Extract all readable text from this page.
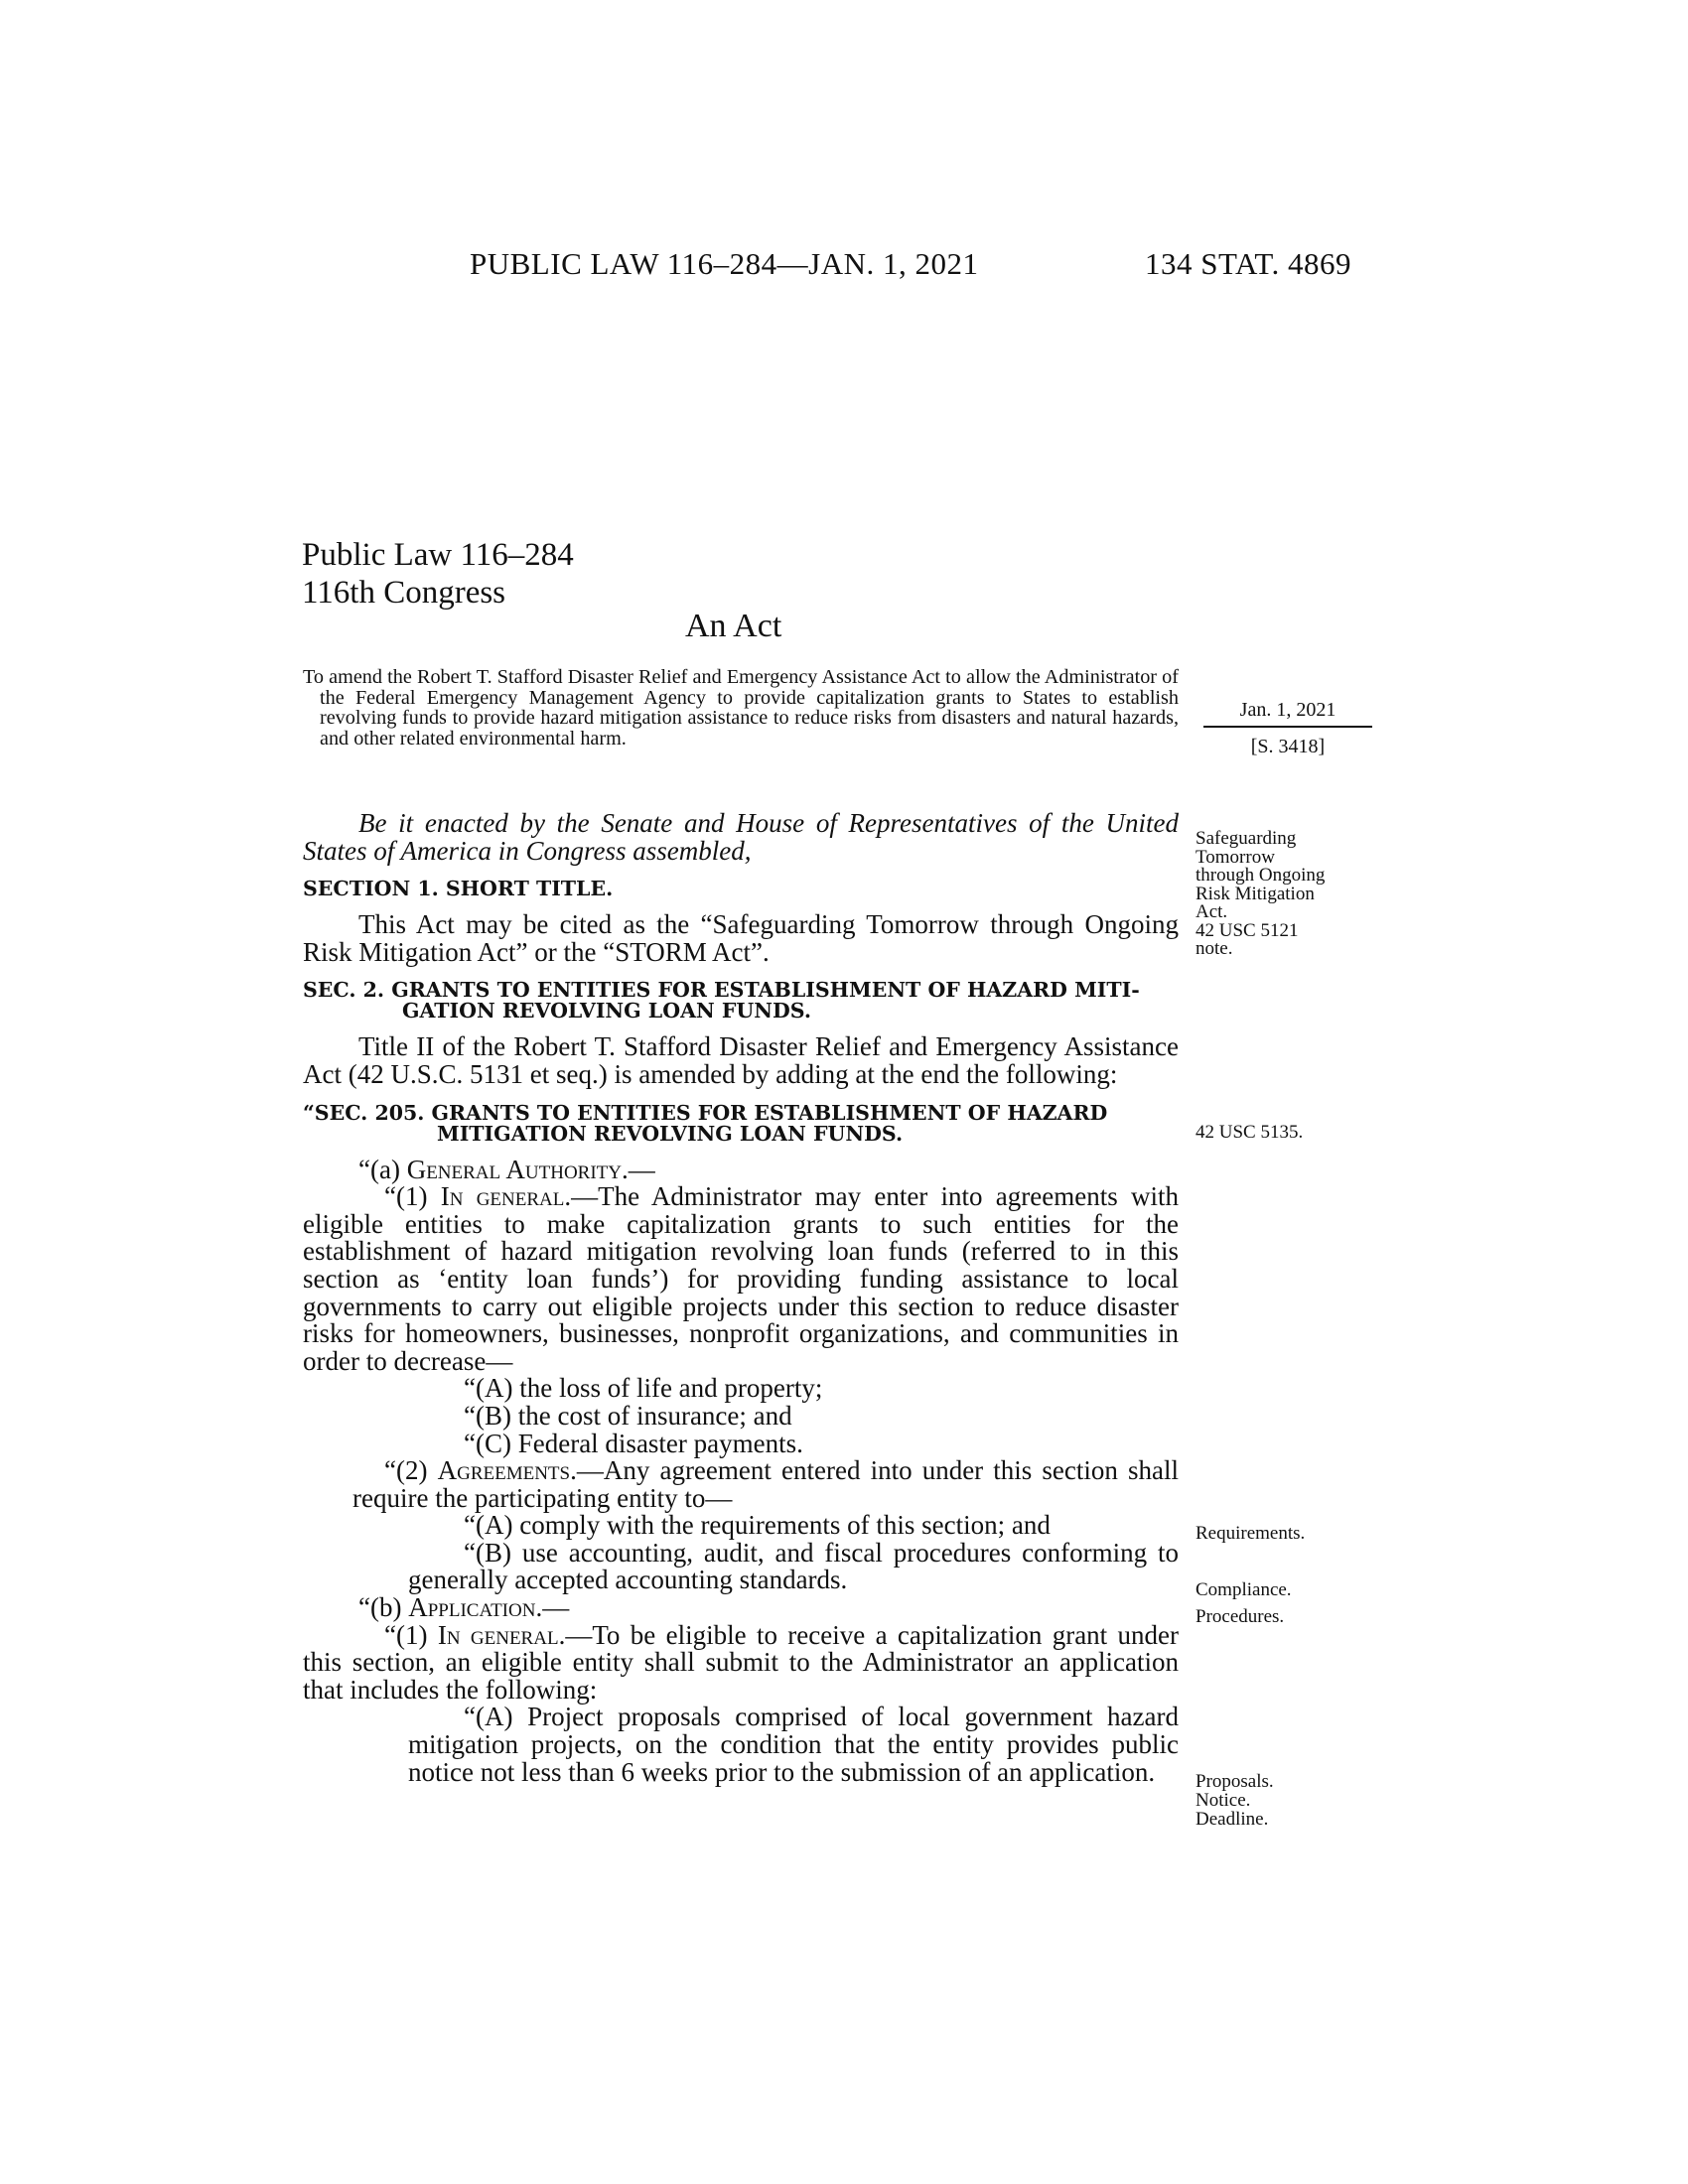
PUBLIC LAW 116–284—JAN. 1, 2021	134 STAT. 4869
Public Law 116–284
116th Congress
An Act

To amend the Robert T. Stafford Disaster Relief and Emergency Assistance Act to allow the Administrator of the Federal Emergency Management Agency to provide capitalization grants to States to establish revolving funds to provide hazard mitigation assistance to reduce risks from disasters and natural hazards, and other related environmental harm.

Jan. 1, 2021
[S. 3418]

Be it enacted by the Senate and House of Representatives of the United States of America in Congress assembled,

SECTION 1. SHORT TITLE.

This Act may be cited as the “Safeguarding Tomorrow through Ongoing Risk Mitigation Act” or the “STORM Act”.

SEC. 2. GRANTS TO ENTITIES FOR ESTABLISHMENT OF HAZARD MITI-
GATION REVOLVING LOAN FUNDS.

Title II of the Robert T. Stafford Disaster Relief and Emergency Assistance Act (42 U.S.C. 5131 et seq.) is amended by adding at the end the following:

“SEC. 205. GRANTS TO ENTITIES FOR ESTABLISHMENT OF HAZARD
MITIGATION REVOLVING LOAN FUNDS.

“(a) General Authority.—

“(1) In general.—The Administrator may enter into agreements with eligible entities to make capitalization grants to such entities for the establishment of hazard mitigation revolving loan funds (referred to in this section as ‘entity loan funds’) for providing funding assistance to local governments to carry out eligible projects under this section to reduce disaster risks for homeowners, businesses, nonprofit organizations, and communities in order to decrease—

“(A) the loss of life and property;

“(B) the cost of insurance; and

“(C) Federal disaster payments.

“(2) Agreements.—Any agreement entered into under this section shall require the participating entity to—

“(A) comply with the requirements of this section; and

“(B) use accounting, audit, and fiscal procedures conforming to generally accepted accounting standards.

“(b) Application.—

“(1) In general.—To be eligible to receive a capitalization grant under this section, an eligible entity shall submit to the Administrator an application that includes the following:

“(A) Project proposals comprised of local government hazard mitigation projects, on the condition that the entity provides public notice not less than 6 weeks prior to the submission of an application.

Safeguarding
Tomorrow
through Ongoing
Risk Mitigation
Act.
42 USC 5121
note.
42 USC 5135.
Requirements.
Compliance.
Procedures.
Proposals.
Notice.
Deadline.
